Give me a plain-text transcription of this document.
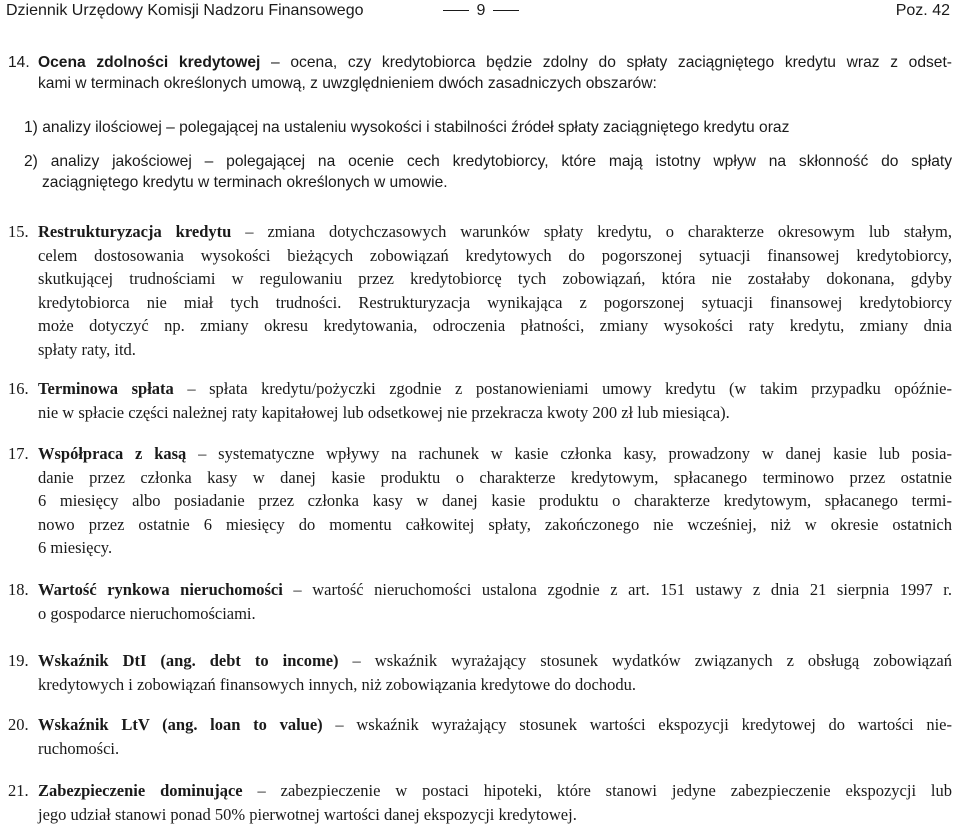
Dziennik Urzędowy Komisji Nadzoru Finansowego	9	Poz. 42
14. Ocena zdolności kredytowej – ocena, czy kredytobiorca będzie zdolny do spłaty zaciągniętego kredytu wraz z odset-
kami w terminach określonych umową, z uwzględnieniem dwóch zasadniczych obszarów:
1) analizy ilościowej – polegającej na ustaleniu wysokości i stabilności źródeł spłaty zaciągniętego kredytu oraz
2) analizy jakościowej – polegającej na ocenie cech kredytobiorcy, które mają istotny wpływ na skłonność do spłaty
zaciągniętego kredytu w terminach określonych w umowie.
15. Restrukturyzacja kredytu – zmiana dotychczasowych warunków spłaty kredytu, o charakterze okresowym lub stałym,
celem dostosowania wysokości bieżących zobowiązań kredytowych do pogorszonej sytuacji finansowej kredytobiorcy,
skutkującej trudnościami w regulowaniu przez kredytobiorcę tych zobowiązań, która nie zostałaby dokonana, gdyby
kredytobiorca nie miał tych trudności. Restrukturyzacja wynikająca z pogorszonej sytuacji finansowej kredytobiorcy
może dotyczyć np. zmiany okresu kredytowania, odroczenia płatności, zmiany wysokości raty kredytu, zmiany dnia
spłaty raty, itd.
16. Terminowa spłata – spłata kredytu/pożyczki zgodnie z postanowieniami umowy kredytu (w takim przypadku opóźnie-
nie w spłacie części należnej raty kapitałowej lub odsetkowej nie przekracza kwoty 200 zł lub miesiąca).
17. Współpraca z kasą – systematyczne wpływy na rachunek w kasie członka kasy, prowadzony w danej kasie lub posia-
danie przez członka kasy w danej kasie produktu o charakterze kredytowym, spłacanego terminowo przez ostatnie
6 miesięcy albo posiadanie przez członka kasy w danej kasie produktu o charakterze kredytowym, spłacanego termi-
nowo przez ostatnie 6 miesięcy do momentu całkowitej spłaty, zakończonego nie wcześniej, niż w okresie ostatnich
6 miesięcy.
18. Wartość rynkowa nieruchomości – wartość nieruchomości ustalona zgodnie z art. 151 ustawy z dnia 21 sierpnia 1997 r.
o gospodarce nieruchomościami.
19. Wskaźnik DtI (ang. debt to income) – wskaźnik wyrażający stosunek wydatków związanych z obsługą zobowiązań
kredytowych i zobowiązań finansowych innych, niż zobowiązania kredytowe do dochodu.
20. Wskaźnik LtV (ang. loan to value) – wskaźnik wyrażający stosunek wartości ekspozycji kredytowej do wartości nie-
ruchomości.
21. Zabezpieczenie dominujące – zabezpieczenie w postaci hipoteki, które stanowi jedyne zabezpieczenie ekspozycji lub
jego udział stanowi ponad 50% pierwotnej wartości danej ekspozycji kredytowej.
